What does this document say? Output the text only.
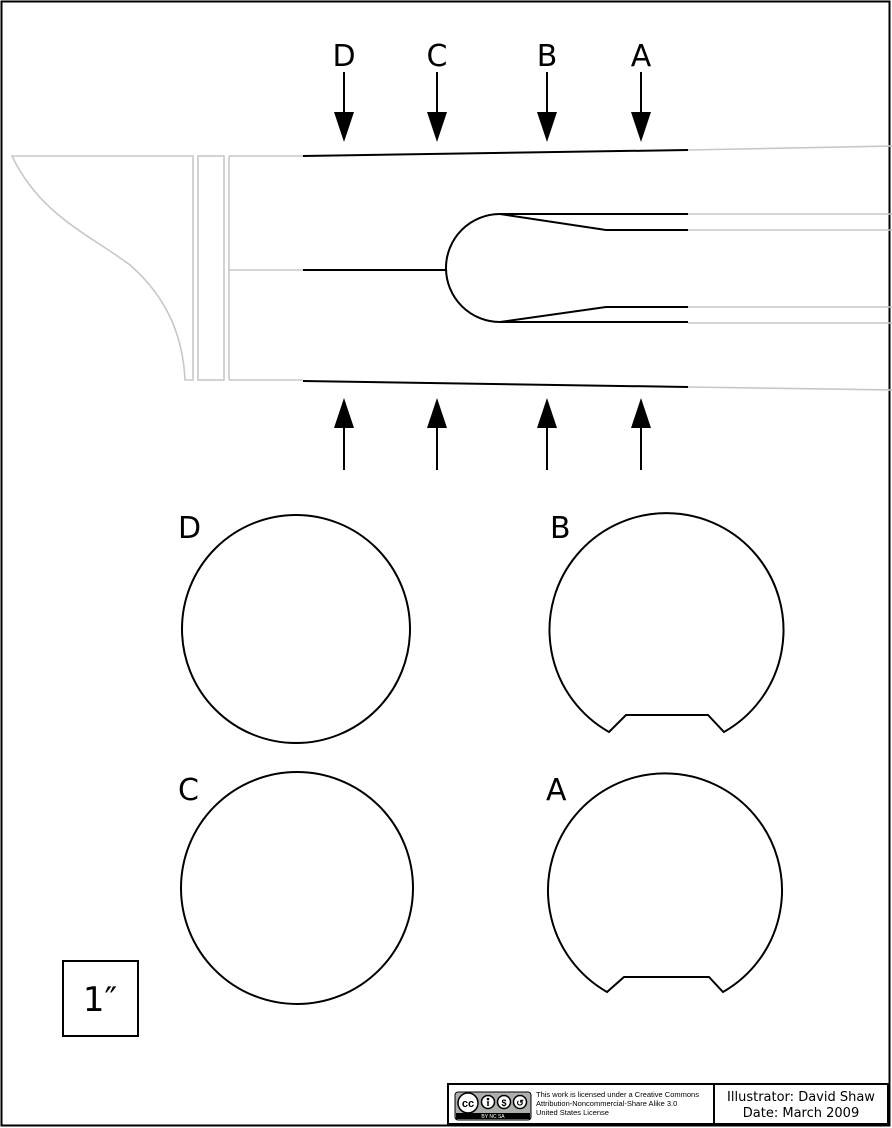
D C	B A
D	B
C	A
1″
cc	$ ↺
BY NC SA
This work is licensed under a Creative Commons
Attribution-Noncommercial-Share Alike 3.0
United States License
Illustrator: David Shaw
Date: March 2009
